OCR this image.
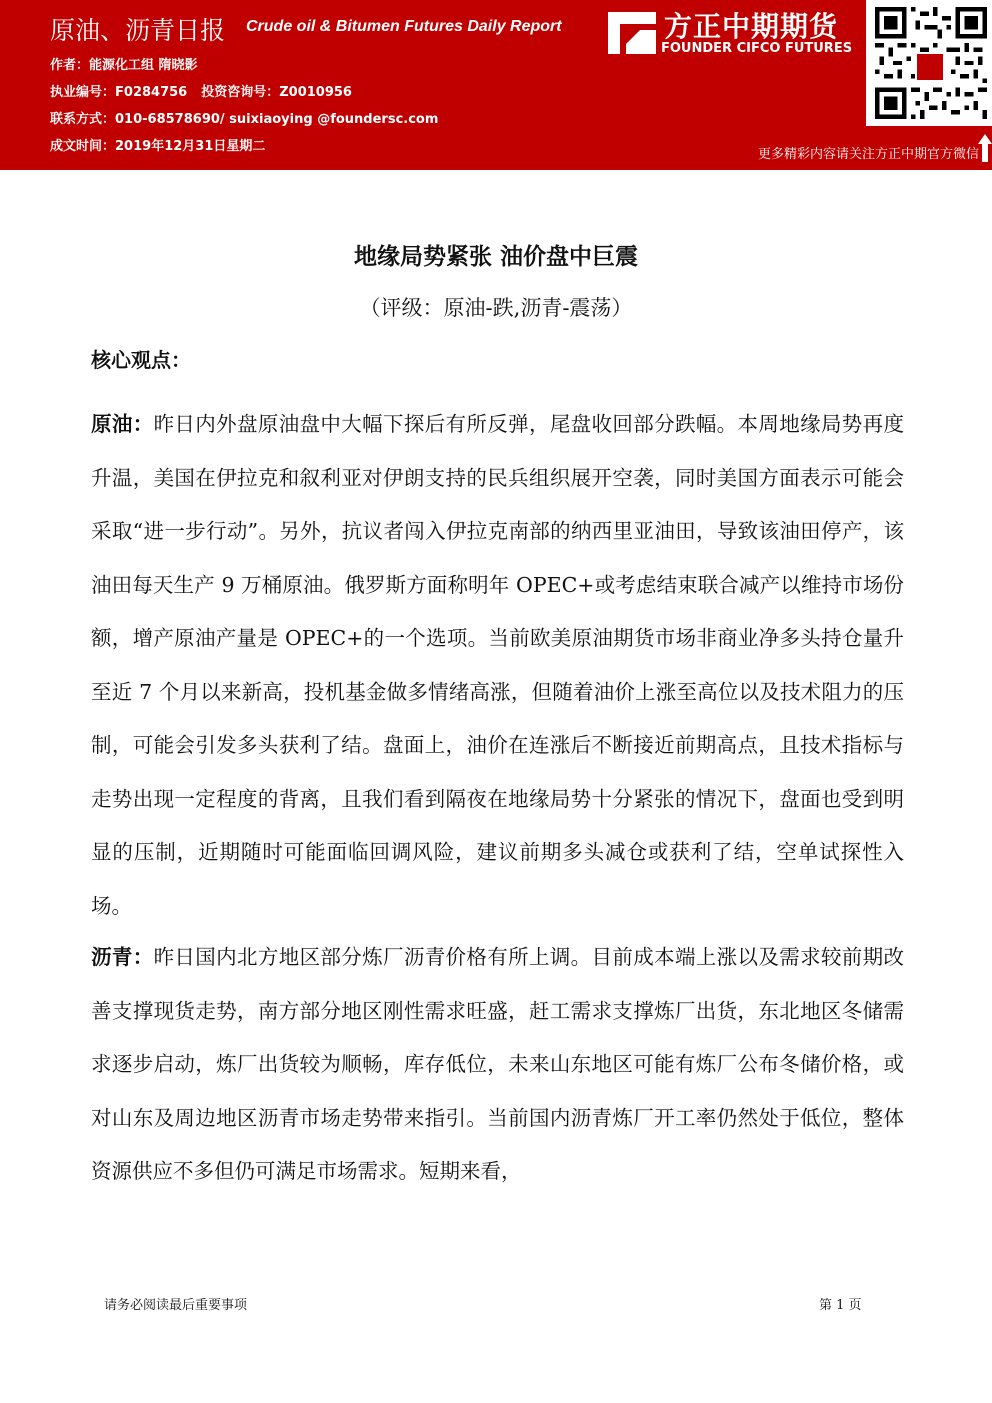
原油、沥青日报 Crude oil & Bitumen Futures Daily Report
作者：能源化工组 隋晓影
执业编号：F0284756 投资咨询号：Z0010956
联系方式：010-68578690/ suixiaoying @foundersc.com
成文时间：2019年12月31日星期二
方正中期期货
FOUNDER CIFCO FUTURES
更多精彩内容请关注方正中期官方微信
地缘局势紧张 油价盘中巨震
（评级：原油-跌,沥青-震荡）
核心观点：
原油：昨日内外盘原油盘中大幅下探后有所反弹，尾盘收回部分跌幅。本周地缘局势再度升温，美国在伊拉克和叙利亚对伊朗支持的民兵组织展开空袭，同时美国方面表示可能会采取“进一步行动”。另外，抗议者闯入伊拉克南部的纳西里亚油田，导致该油田停产，该油田每天生产 9 万桶原油。俄罗斯方面称明年 OPEC+或考虑结束联合减产以维持市场份额，增产原油产量是 OPEC+的一个选项。当前欧美原油期货市场非商业净多头持仓量升至近 7 个月以来新高，投机基金做多情绪高涨，但随着油价上涨至高位以及技术阻力的压制，可能会引发多头获利了结。盘面上，油价在连涨后不断接近前期高点，且技术指标与走势出现一定程度的背离，且我们看到隔夜在地缘局势十分紧张的情况下，盘面也受到明显的压制，近期随时可能面临回调风险，建议前期多头减仓或获利了结，空单试探性入场。
沥青：昨日国内北方地区部分炼厂沥青价格有所上调。目前成本端上涨以及需求较前期改善支撑现货走势，南方部分地区刚性需求旺盛，赶工需求支撑炼厂出货，东北地区冬储需求逐步启动，炼厂出货较为顺畅，库存低位，未来山东地区可能有炼厂公布冬储价格，或对山东及周边地区沥青市场走势带来指引。当前国内沥青炼厂开工率仍然处于低位，整体资源供应不多但仍可满足市场需求。短期来看，
请务必阅读最后重要事项	第 1 页
